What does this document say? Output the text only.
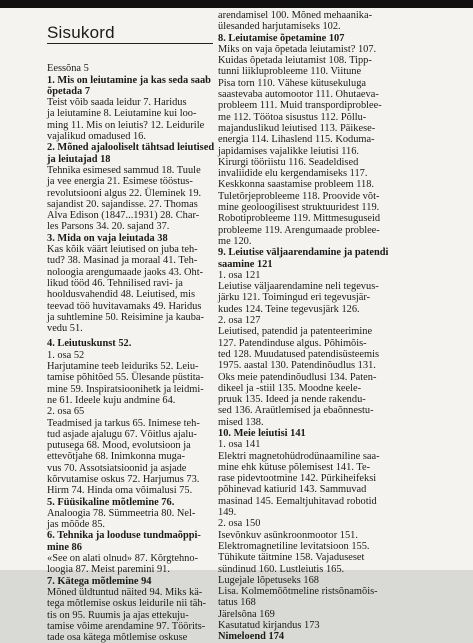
Sisukord
Eessõna 5
1. Mis on leiutamine ja kas seda saab
õpetada 7
Teist võib saada leidur 7. Haridus
ja leiutamine 8. Leiutamine kui loo-
ming 11. Mis on leiutis? 12. Leidurile
vajalikud omadused 16.
2. Mõned ajalooliselt tähtsad leiutised
ja leiutajad 18
Tehnika esimesed sammud 18. Tuule
ja vee energia 21. Esimese tööstus-
revolutsiooni algus 22. Üleminek 19.
sajandist 20. sajandisse. 27. Thomas
Alva Edison (1847...1931) 28. Char-
les Parsons 34. 20. sajand 37.
3. Mida on vaja leiutada 38
Kas kõik väärt leiutised on juba teh-
tud? 38. Masinad ja moraal 41. Teh-
noloogia arengumaade jaoks 43. Oht-
likud tööd 46. Tehnilised ravi- ja
hooldusvahendid 48. Leiutised, mis
teevad töö huvitavamaks 49. Haridus
ja suhtlemine 50. Reisimine ja kauba-
vedu 51.
4. Leiutuskunst 52.
1. osa 52
Harjutamine teeb leiduriks 52. Leiu-
tamise põhitõed 55. Ülesande püstita-
mine 59. Inspiratsioonihetk ja leidmi-
ne 61. Ideele kuju andmine 64.
2. osa 65
Teadmised ja tarkus 65. Inimese teh-
tud asjade ajalugu 67. Võitlus ajalu-
putusega 68. Mood, evolutsioon ja
ettevõtjahe 68. Inimkonna muga-
vus 70. Assotsiatsioonid ja asjade
kõrvutamise oskus 72. Harjumus 73.
Hirm 74. Hinda oma võimalusi 75.
5. Füüsikaline mõtlemine 76.
Analoogia 78. Sümmeetria 80. Nel-
jas mõõde 85.
6. Tehnika ja looduse tundmaõppi-
mine 86
«See on alati olnud» 87. Kõrgtehno-
loogia 87. Meist paremini 91.
7. Kätega mõtlemine 94
Mõned üldtuntud näited 94. Miks kä-
tega mõtlemise oskus leidurile nii täh-
tis on 95. Ruumis ja ajas ettekuju-
tamise võime arendamine 97. Töörits-
tade osa kätega mõtlemise oskuse
arendamisel 100. Mõned mehaanika-
ülesanded harjutamiseks 102.
8. Leiutamise õpetamine 107
Miks on vaja õpetada leiutamist? 107.
Kuidas õpetada leiutamist 108. Tipp-
tunni liikluprobleeme 110. Viitune
Pisa torn 110. Vähese kütusekuluga
saastevaba automootor 111. Ohutaeva-
probleem 111. Muid transpordiprobleе-
me 112. Töötoa sisustus 112. Põllu-
majanduslikud leiutised 113. Päikese-
energia 114. Lihaslend 115. Koduma-
japidamises vajalikke leiutisi 116.
Kirurgi tööriistu 116. Seadeldised
invaliidide elu kergendamiseks 117.
Keskkonna saastamise probleem 118.
Tuletõrjeprobleeme 118. Proovide võt-
mine geoloogilisest struktuuridest 119.
Robotiprobleeme 119. Mittmesuguseid
probleeme 119. Arengumaade problee-
me 120.
9. Leiutise väljaarendamine ja patendi
saamine 121
1. osa 121
Leiutise väljaarendamine neli tegevus-
järku 121. Toimingud eri tegevusjär-
kudes 124. Teine tegevusjärk 126.
2. osa 127
Leiutised, patendid ja patenteerimine
127. Patendinduse algus. Põhimõis-
ted 128. Muudatused patendisüsteemis
1975. aastal 130. Patendinõudlus 131.
Oks meie patendinõudlusi 134. Paten-
dikeel ja -stiil 135. Moodne keele-
pruuk 135. Ideed ja nende rakendu-
sed 136. Araütlemised ja ebaõnnestu-
mised 138.
10. Meie leiutisi 141
1. osa 141
Elektri magnetohüdrodünaamiline saa-
mine ehk kütuse põlemisest 141. Te-
rase pidevtootmine 142. Pürkiheifeksi
põhinevad katiurid 143. Sammuvad
masinad 145. Eemaltjuhitavad robotid
149.
2. osa 150
Isevõnkuv asünkroonmootor 151.
Elektromagnetiline levitatsioon 155.
Tühikute täitmine 158. Vajaduseset
sündinud 160. Lustleiutis 165.
Lugejale lõpetuseks 168
Lisa. Kolmemõõtmeline ristsõnamõis-
tatus 168
Järelsõna 169
Kasutatud kirjandus 173
Nimeloend 174
